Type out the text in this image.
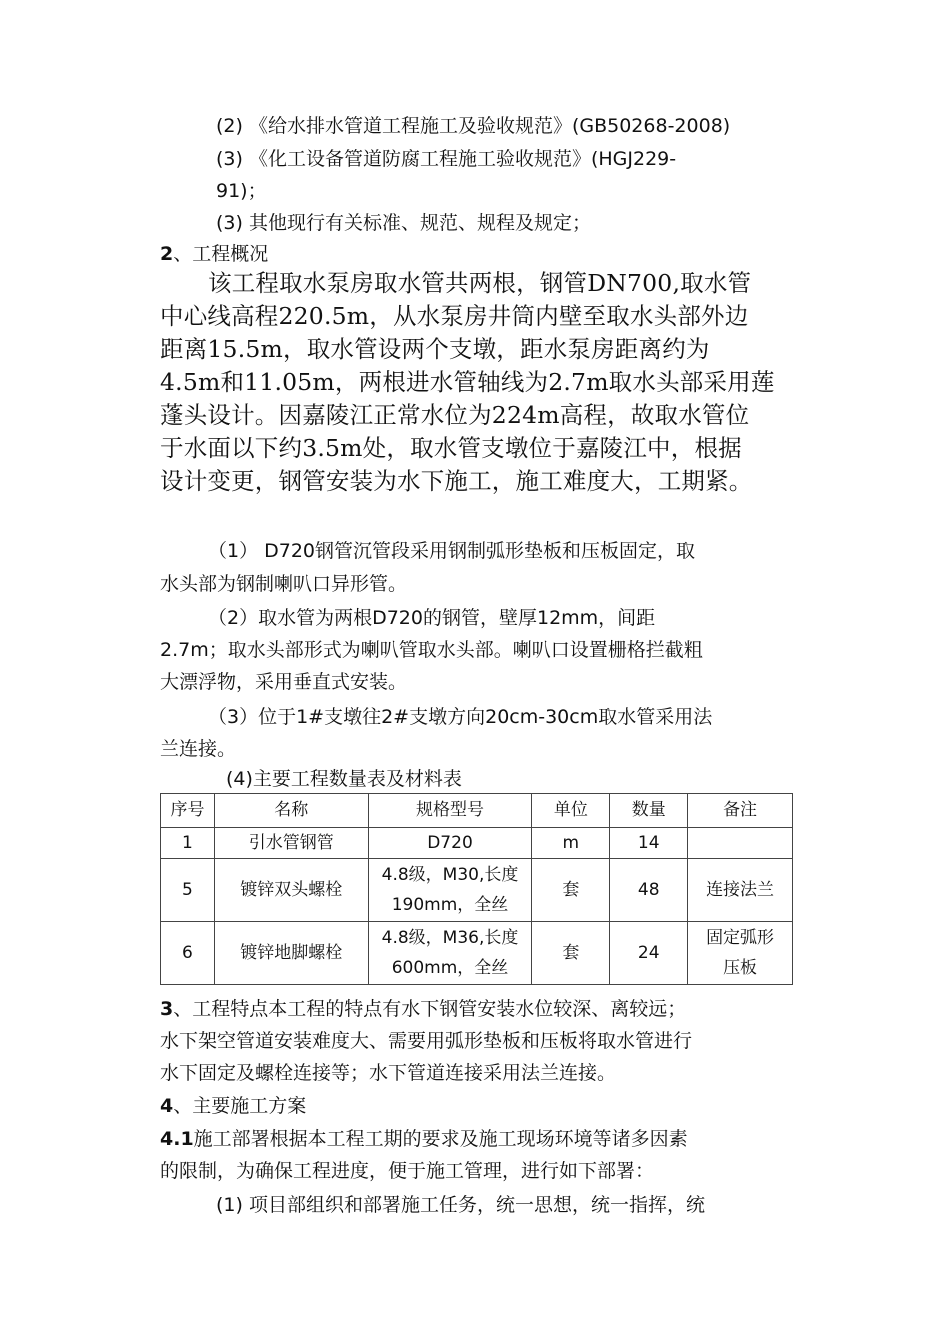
(2) 《给水排水管道工程施工及验收规范》(GB50268-2008)
(3) 《化工设备管道防腐工程施工验收规范》(HGJ229-
91)；
(3) 其他现行有关标准、规范、规程及规定；
2、工程概况
该工程取水泵房取水管共两根，钢管DN700,取水管
中心线高程220.5m，从水泵房井筒内壁至取水头部外边
距离15.5m，取水管设两个支墩，距水泵房距离约为
4.5m和11.05m，两根进水管轴线为2.7m取水头部采用莲
蓬头设计。因嘉陵江正常水位为224m高程，故取水管位
于水面以下约3.5m处，取水管支墩位于嘉陵江中，根据
设计变更，钢管安装为水下施工，施工难度大，工期紧。
（1） D720钢管沉管段采用钢制弧形垫板和压板固定，取
水头部为钢制喇叭口异形管。
（2）取水管为两根D720的钢管，壁厚12mm，间距
2.7m；取水头部形式为喇叭管取水头部。喇叭口设置栅格拦截粗
大漂浮物，采用垂直式安装。
（3）位于1#支墩往2#支墩方向20cm-30cm取水管采用法
兰连接。
(4)主要工程数量表及材料表
序号	名称	规格型号	单位	数量	备注
1	引水管钢管	D720	m	14	
5	镀锌双头螺栓	4.8级，M30,长度
190mm，全丝	套	48	连接法兰
6	镀锌地脚螺栓	4.8级，M36,长度
600mm，全丝	套	24	固定弧形
压板
3、工程特点本工程的特点有水下钢管安装水位较深、离较远；
水下架空管道安装难度大、需要用弧形垫板和压板将取水管进行
水下固定及螺栓连接等；水下管道连接采用法兰连接。
4、主要施工方案
4.1施工部署根据本工程工期的要求及施工现场环境等诸多因素
的限制，为确保工程进度，便于施工管理，进行如下部署：
(1) 项目部组织和部署施工任务，统一思想，统一指挥，统
